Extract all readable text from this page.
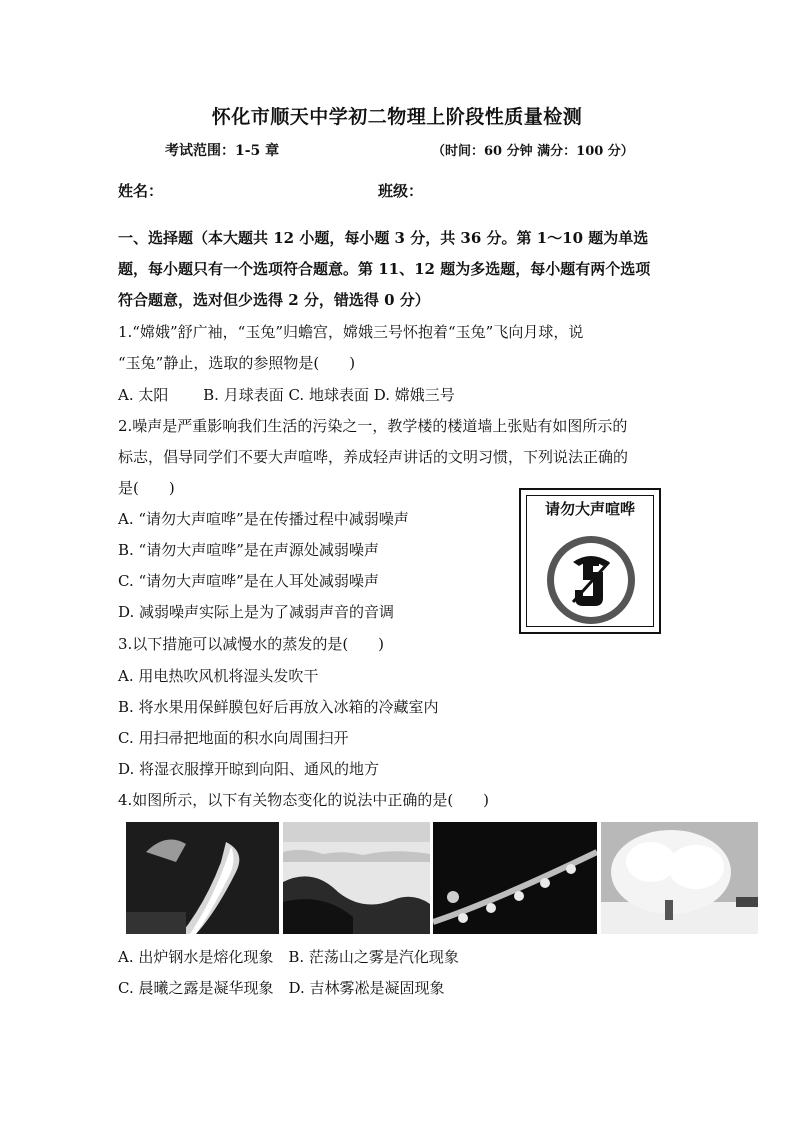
怀化市顺天中学初二物理上阶段性质量检测
考试范围：1-5 章	（时间：60 分钟 满分：100 分）
姓名：	班级：
一、选择题（本大题共 12 小题，每小题 3 分，共 36 分。第 1～10 题为单选
题，每小题只有一个选项符合题意。第 11、12 题为多选题，每小题有两个选项
符合题意，选对但少选得 2 分，错选得 0 分）
1.“嫦娥”舒广袖，“玉兔”归蟾宫，嫦娥三号怀抱着“玉兔”飞向月球，说
“玉兔”静止，选取的参照物是(　　)
A. 太阳　　 B. 月球表面 C. 地球表面 D. 嫦娥三号
2.噪声是严重影响我们生活的污染之一，教学楼的楼道墙上张贴有如图所示的
标志，倡导同学们不要大声喧哗，养成轻声讲话的文明习惯，下列说法正确的
是(　　)
A. “请勿大声喧哗”是在传播过程中减弱噪声
B. “请勿大声喧哗”是在声源处减弱噪声
C. “请勿大声喧哗”是在人耳处减弱噪声
D. 减弱噪声实际上是为了减弱声音的音调
请勿大声喧哗
3.以下措施可以减慢水的蒸发的是(　　)
A. 用电热吹风机将湿头发吹干
B. 将水果用保鲜膜包好后再放入冰箱的冷藏室内
C. 用扫帚把地面的积水向周围扫开
D. 将湿衣服撑开晾到向阳、通风的地方
4.如图所示，以下有关物态变化的说法中正确的是(　　)
A. 出炉钢水是熔化现象　B. 茫荡山之雾是汽化现象
C. 晨曦之露是凝华现象　D. 吉林雾凇是凝固现象
